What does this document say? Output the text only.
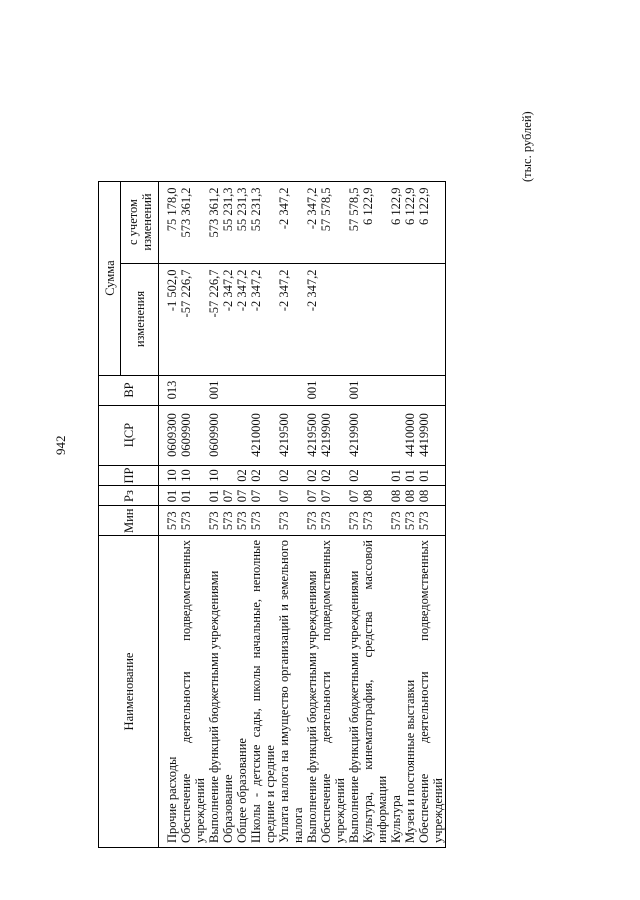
942
(тыс. рублей)
Наименование	Мин	Рз	ПР	ЦСР	ВР	Сумма	
						изменения	с учетом изменений
Прочие расходы	573	01	10	0609300	013	-1 502,0	75 178,0
Обеспечение деятельности подведомственных учреждений	573	01	10	0609900		-57 226,7	573 361,2
Выполнение функций бюджетными учреждениями	573	01	10	0609900	001	-57 226,7	573 361,2
Образование	573	07				-2 347,2	55 231,3
Общее образование	573	07	02			-2 347,2	55 231,3
Школы - детские сады, школы начальные, неполные средние и средние	573	07	02	4210000		-2 347,2	55 231,3
Уплата налога на имущество организаций и земельного налога	573	07	02	4219500		-2 347,2	-2 347,2
Выполнение функций бюджетными учреждениями	573	07	02	4219500	001	-2 347,2	-2 347,2
Обеспечение деятельности подведомственных учреждений	573	07	02	4219900			57 578,5
Выполнение функций бюджетными учреждениями	573	07	02	4219900	001		57 578,5
Культура, кинематография, средства массовой информации	573	08					6 122,9
Культура	573	08	01				6 122,9
Музеи и постоянные выставки	573	08	01	4410000			6 122,9
Обеспечение деятельности подведомственных учреждений	573	08	01	4419900			6 122,9
